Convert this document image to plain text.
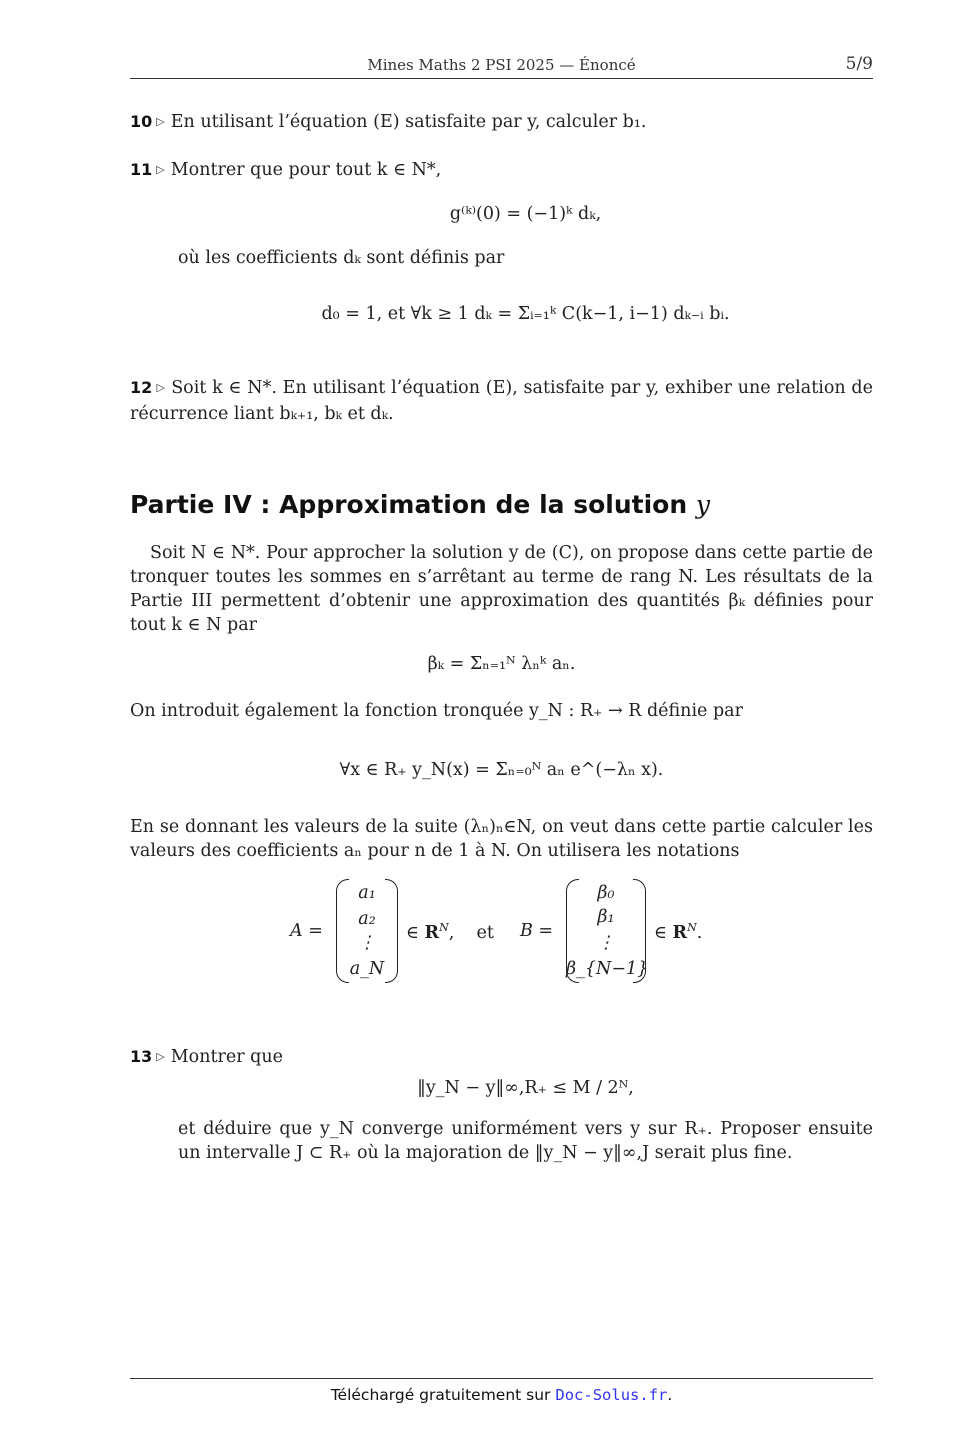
Mines Maths 2 PSI 2025 — Énoncé	5/9
10 ▷ En utilisant l’équation (E) satisfaite par y, calculer b₁.
11 ▷ Montrer que pour tout k ∈ N*,
g⁽ᵏ⁾(0) = (−1)ᵏ dₖ,
où les coefficients dₖ sont définis par
d₀ = 1, et ∀k ≥ 1 dₖ = Σᵢ₌₁ᵏ C(k−1, i−1) dₖ₋ᵢ bᵢ.
12 ▷ Soit k ∈ N*. En utilisant l’équation (E), satisfaite par y, exhiber une relation de récurrence liant bₖ₊₁, bₖ et dₖ.
Partie IV : Approximation de la solution y
Soit N ∈ N*. Pour approcher la solution y de (C), on propose dans cette partie de tronquer toutes les sommes en s’arrêtant au terme de rang N. Les résultats de la Partie III permettent d’obtenir une approximation des quantités βₖ définies pour tout k ∈ N par
βₖ = Σₙ₌₁ᴺ λₙᵏ aₙ.
On introduit également la fonction tronquée y_N : R₊ → R définie par
∀x ∈ R₊ y_N(x) = Σₙ₌₀ᴺ aₙ e^(−λₙ x).
En se donnant les valeurs de la suite (λₙ)ₙ∈N, on veut dans cette partie calculer les valeurs des coefficients aₙ pour n de 1 à N. On utilisera les notations
A =
a₁
a₂
⋮
a_N
∈ $R^N$,    et B =
β₀
β₁
⋮
β_{N−1}
∈ $R^N$.
13 ▷ Montrer que
‖y_N − y‖∞,R₊ ≤ M / 2ᴺ,
et déduire que y_N converge uniformément vers y sur R₊. Proposer ensuite un intervalle J ⊂ R₊ où la majoration de ‖y_N − y‖∞,J serait plus fine.
Téléchargé gratuitement sur Doc-Solus.fr.
